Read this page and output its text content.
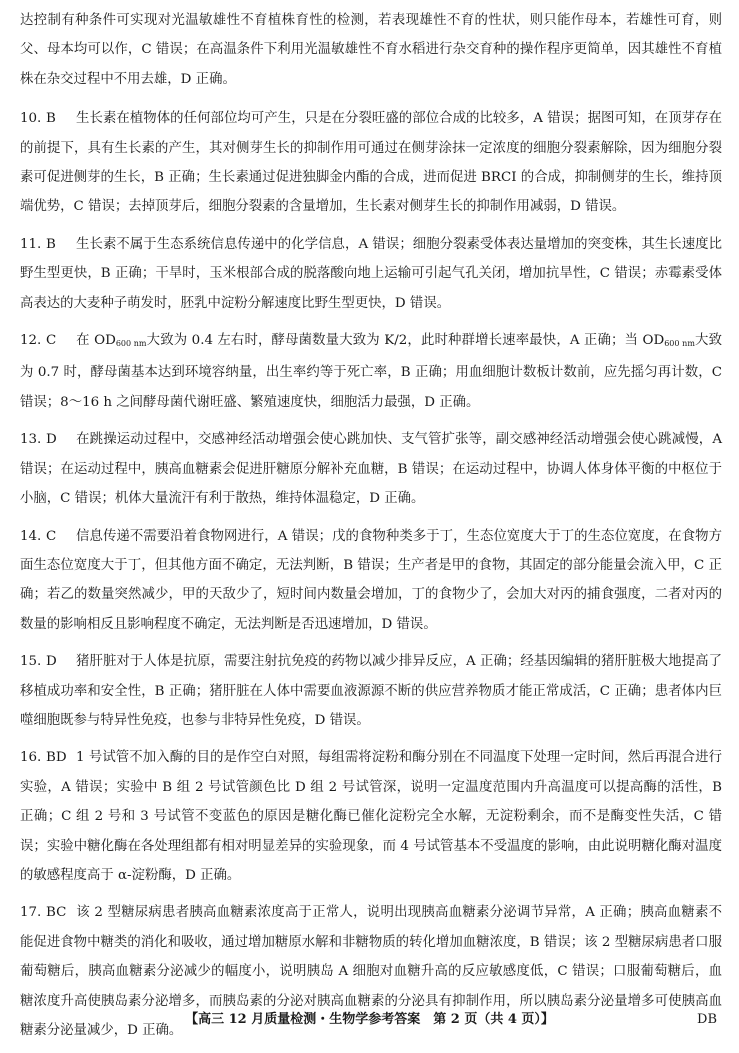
达控制有种条件可实现对光温敏雄性不育植株育性的检测，若表现雄性不育的性状，则只能作母本，若雄性可育，则父、母本均可以作，C 错误；在高温条件下利用光温敏雄性不育水稻进行杂交育种的操作程序更简单，因其雄性不育植株在杂交过程中不用去雄，D 正确。

10. B 生长素在植物体的任何部位均可产生，只是在分裂旺盛的部位合成的比较多，A 错误；据图可知，在顶芽存在的前提下，具有生长素的产生，其对侧芽生长的抑制作用可通过在侧芽涂抹一定浓度的细胞分裂素解除，因为细胞分裂素可促进侧芽的生长，B 正确；生长素通过促进独脚金内酯的合成，进而促进 BRCI 的合成，抑制侧芽的生长，维持顶端优势，C 错误；去掉顶芽后，细胞分裂素的含量增加，生长素对侧芽生长的抑制作用减弱，D 错误。

11. B 生长素不属于生态系统信息传递中的化学信息，A 错误；细胞分裂素受体表达量增加的突变株，其生长速度比野生型更快，B 正确；干旱时，玉米根部合成的脱落酸向地上运输可引起气孔关闭，增加抗旱性，C 错误；赤霉素受体高表达的大麦种子萌发时，胚乳中淀粉分解速度比野生型更快，D 错误。

12. C 在 $OD_{600 nm}$大致为 0.4 左右时，酵母菌数量大致为 K/2，此时种群增长速率最快，A 正确；当 $OD_{600 nm}$大致为 0.7 时，酵母菌基本达到环境容纳量，出生率约等于死亡率，B 正确；用血细胞计数板计数前，应先摇匀再计数，C 错误；8～16 h 之间酵母菌代谢旺盛、繁殖速度快，细胞活力最强，D 正确。

13. D 在跳操运动过程中，交感神经活动增强会使心跳加快、支气管扩张等，副交感神经活动增强会使心跳减慢，A 错误；在运动过程中，胰高血糖素会促进肝糖原分解补充血糖，B 错误；在运动过程中，协调人体身体平衡的中枢位于小脑，C 错误；机体大量流汗有利于散热，维持体温稳定，D 正确。

14. C 信息传递不需要沿着食物网进行，A 错误；戊的食物种类多于丁，生态位宽度大于丁的生态位宽度，在食物方面生态位宽度大于丁，但其他方面不确定，无法判断，B 错误；生产者是甲的食物，其固定的部分能量会流入甲，C 正确；若乙的数量突然减少，甲的天敌少了，短时间内数量会增加，丁的食物少了，会加大对丙的捕食强度，二者对丙的数量的影响相反且影响程度不确定，无法判断是否迅速增加，D 错误。

15. D 猪肝脏对于人体是抗原，需要注射抗免疫的药物以减少排异反应，A 正确；经基因编辑的猪肝脏极大地提高了移植成功率和安全性，B 正确；猪肝脏在人体中需要血液源源不断的供应营养物质才能正常成活，C 正确；患者体内巨噬细胞既参与特异性免疫，也参与非特异性免疫，D 错误。

16. BD 1 号试管不加入酶的目的是作空白对照，每组需将淀粉和酶分别在不同温度下处理一定时间，然后再混合进行实验，A 错误；实验中 B 组 2 号试管颜色比 D 组 2 号试管深，说明一定温度范围内升高温度可以提高酶的活性，B 正确；C 组 2 号和 3 号试管不变蓝色的原因是糖化酶已催化淀粉完全水解，无淀粉剩余，而不是酶变性失活，C 错误；实验中糖化酶在各处理组都有相对明显差异的实验现象，而 4 号试管基本不受温度的影响，由此说明糖化酶对温度的敏感程度高于 α-淀粉酶，D 正确。

17. BC 该 2 型糖尿病患者胰高血糖素浓度高于正常人，说明出现胰高血糖素分泌调节异常，A 正确；胰高血糖素不能促进食物中糖类的消化和吸收，通过增加糖原水解和非糖物质的转化增加血糖浓度，B 错误；该 2 型糖尿病患者口服葡萄糖后，胰高血糖素分泌减少的幅度小，说明胰岛 A 细胞对血糖升高的反应敏感度低，C 错误；口服葡萄糖后，血糖浓度升高使胰岛素分泌增多，而胰岛素的分泌对胰高血糖素的分泌具有抑制作用，所以胰岛素分泌量增多可使胰高血糖素分泌量减少，D 正确。

【高三 12 月质量检测・生物学参考答案　第 2 页（共 4 页）】	DB
